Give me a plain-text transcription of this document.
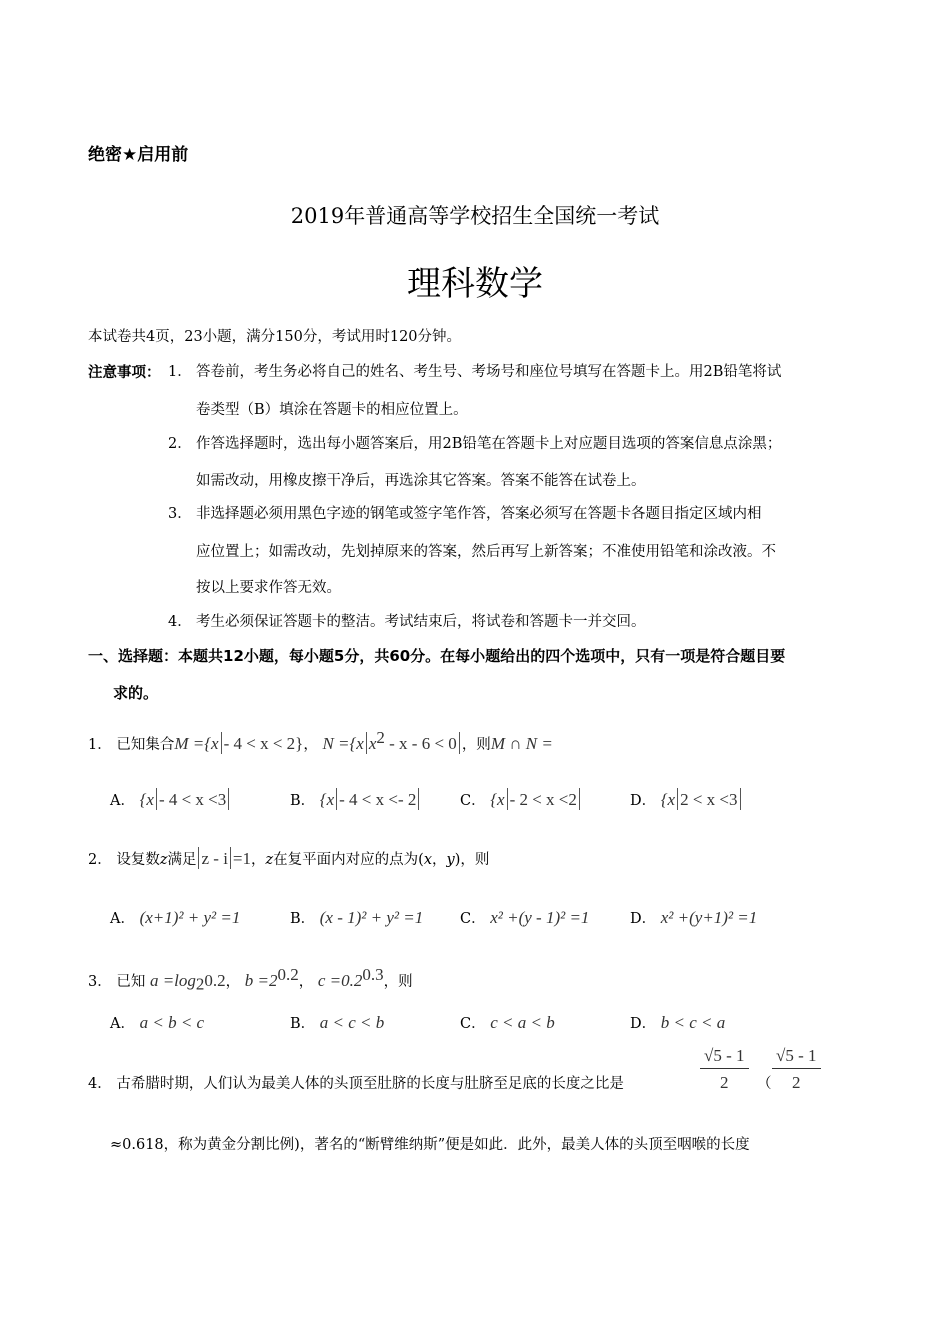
绝密★启用前
2019年普通高等学校招生全国统一考试
理科数学
本试卷共4页，23小题，满分150分，考试用时120分钟。
注意事项： 1． 答卷前，考生务必将自己的姓名、考生号、考场号和座位号填写在答题卡上。用2B铅笔将试
卷类型（B）填涂在答题卡的相应位置上。
2． 作答选择题时，选出每小题答案后，用2B铅笔在答题卡上对应题目选项的答案信息点涂黑；
如需改动，用橡皮擦干净后，再选涂其它答案。答案不能答在试卷上。
3． 非选择题必须用黑色字迹的钢笔或签字笔作答，答案必须写在答题卡各题目指定区域内相
应位置上；如需改动，先划掉原来的答案，然后再写上新答案；不准使用铅笔和涂改液。不
按以上要求作答无效。
4． 考生必须保证答题卡的整洁。考试结束后，将试卷和答题卡一并交回。
一、选择题：本题共12小题，每小题5分，共60分。在每小题给出的四个选项中，只有一项是符合题目要
求的。
1． 已知集合M ={x - 4 < x < 2}， N ={x $x^2 - x - 6 < 0$ ，则M ∩ N =
A． {x - 4 < x <3	B． {x - 4 < x <- 2	C． {x - 2 < x <2	D． {x 2 < x <3
2． 设复数z满足 z - i =1，z在复平面内对应的点为(x，y)，则
A． (x+1)² + y² =1	B． (x - 1)² + y² =1	C． x² +(y - 1)² =1	D． x² +(y+1)² =1
3． 已知 $a =\log_20.2$， $b =2^{0.2}$， $c =0.2^{0.3}$，则
A． a < b < c	B． a < c < b	C． c < a < b	D． b < c < a
4． 古希腊时期，人们认为最美人体的头顶至肚脐的长度与肚脐至足底的长度之比是	$\frac{√5 - 1}{2}$ （ $\frac{√5 - 1}{2}$
≈0.618，称为黄金分割比例)，著名的“断臂维纳斯”便是如此．此外，最美人体的头顶至咽喉的长度
